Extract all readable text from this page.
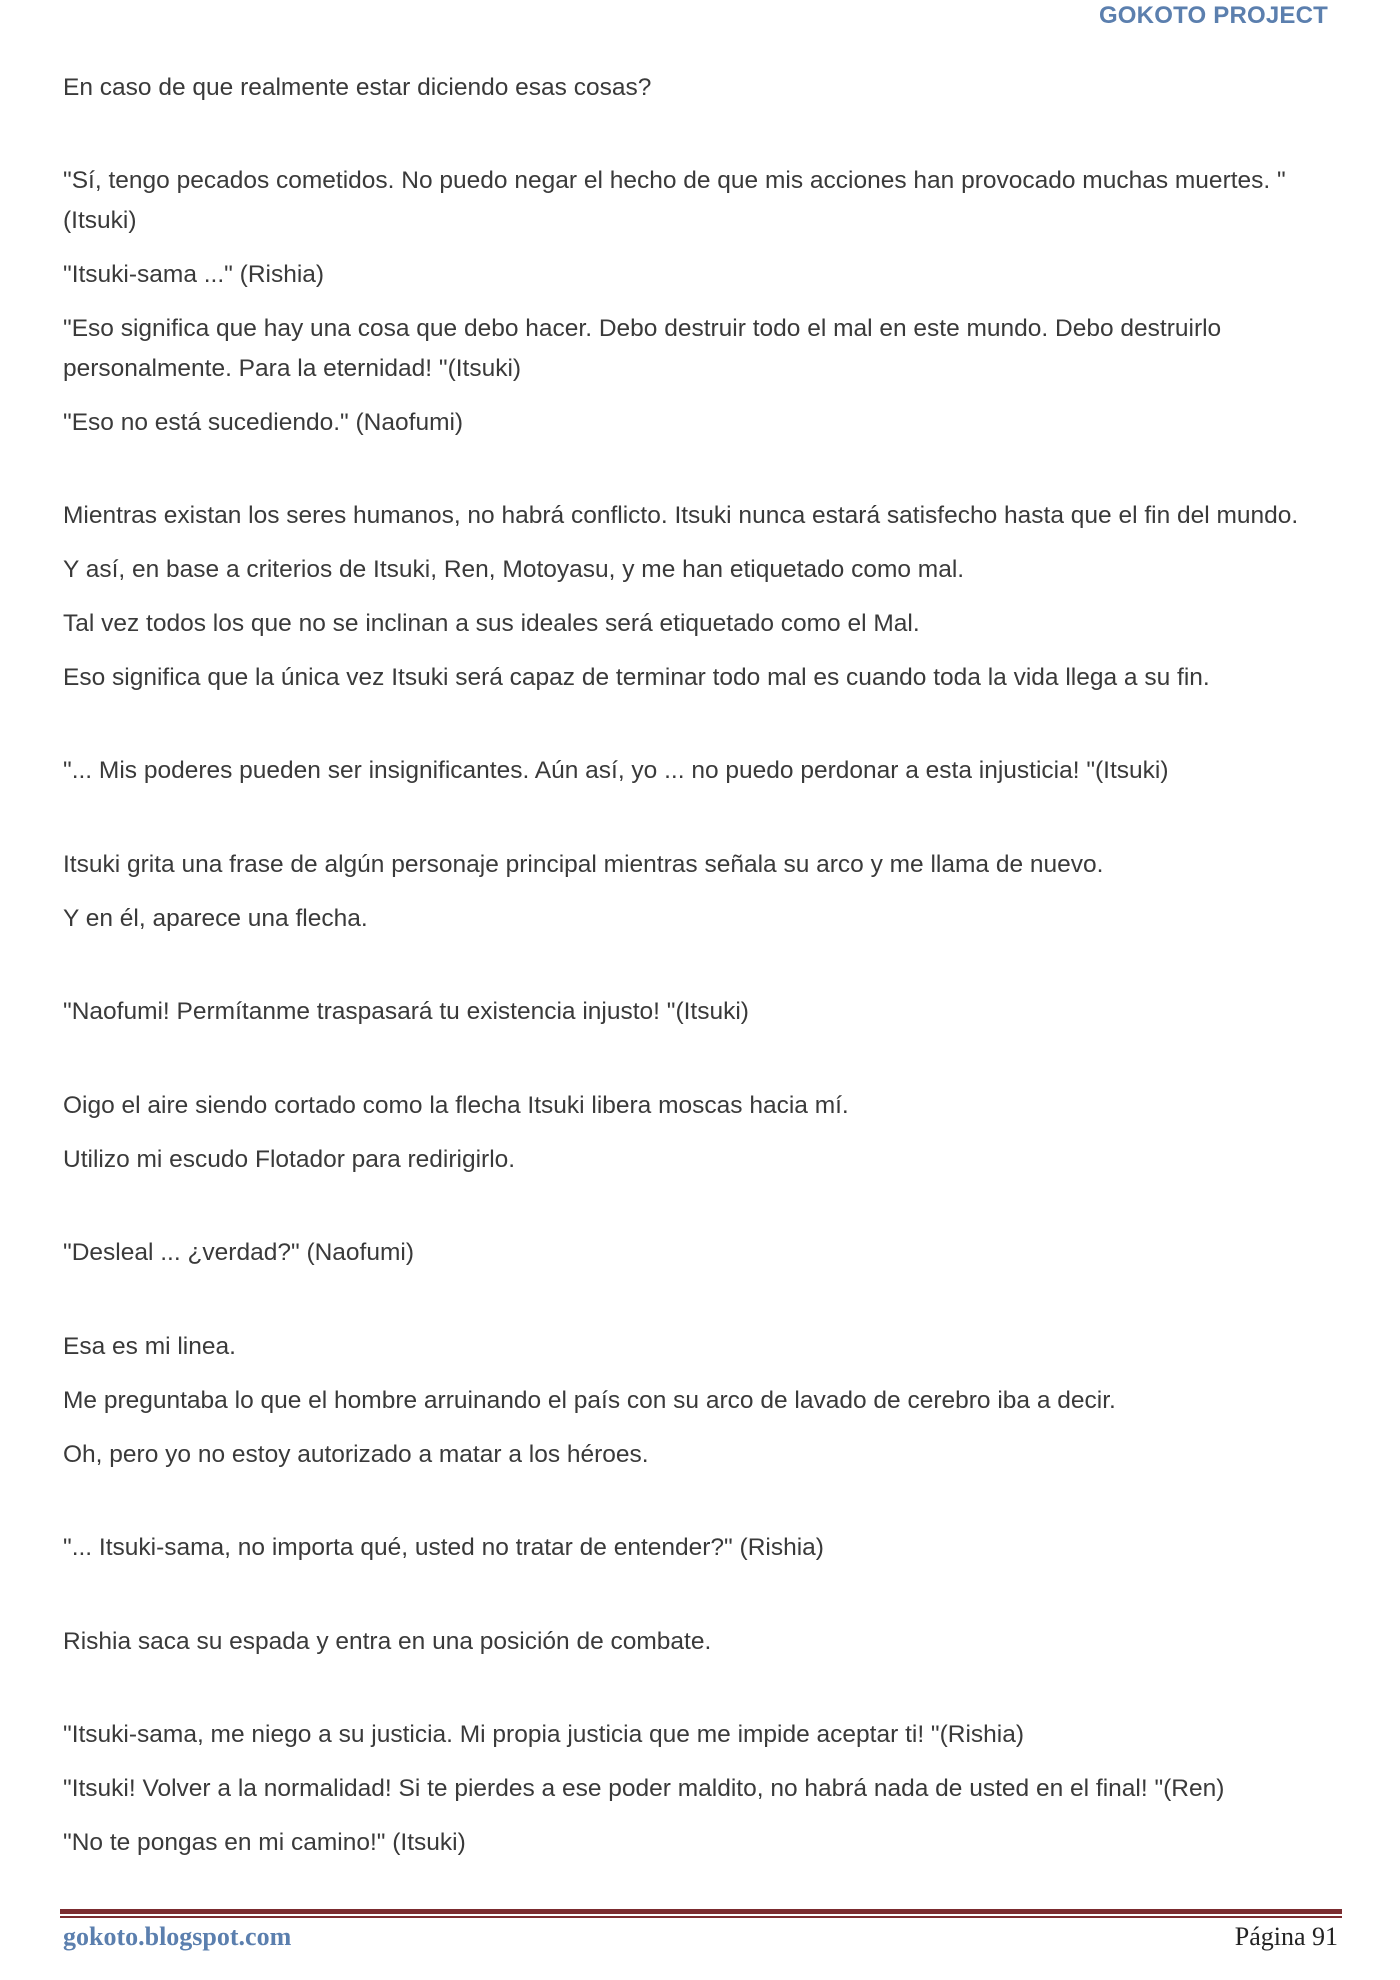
GOKOTO PROJECT

En caso de que realmente estar diciendo esas cosas?

"Sí, tengo pecados cometidos. No puedo negar el hecho de que mis acciones han provocado muchas muertes. "(Itsuki)

"Itsuki-sama ..." (Rishia)

"Eso significa que hay una cosa que debo hacer. Debo destruir todo el mal en este mundo. Debo destruirlo personalmente. Para la eternidad! "(Itsuki)

"Eso no está sucediendo." (Naofumi)

Mientras existan los seres humanos, no habrá conflicto. Itsuki nunca estará satisfecho hasta que el fin del mundo.

Y así, en base a criterios de Itsuki, Ren, Motoyasu, y me han etiquetado como mal.

Tal vez todos los que no se inclinan a sus ideales será etiquetado como el Mal.

Eso significa que la única vez Itsuki será capaz de terminar todo mal es cuando toda la vida llega a su fin.

"... Mis poderes pueden ser insignificantes. Aún así, yo ... no puedo perdonar a esta injusticia! "(Itsuki)

Itsuki grita una frase de algún personaje principal mientras señala su arco y me llama de nuevo.

Y en él, aparece una flecha.

"Naofumi! Permítanme traspasará tu existencia injusto! "(Itsuki)

Oigo el aire siendo cortado como la flecha Itsuki libera moscas hacia mí.

Utilizo mi escudo Flotador para redirigirlo.

"Desleal ... ¿verdad?" (Naofumi)

Esa es mi linea.

Me preguntaba lo que el hombre arruinando el país con su arco de lavado de cerebro iba a decir.

Oh, pero yo no estoy autorizado a matar a los héroes.

"... Itsuki-sama, no importa qué, usted no tratar de entender?" (Rishia)

Rishia saca su espada y entra en una posición de combate.

"Itsuki-sama, me niego a su justicia. Mi propia justicia que me impide aceptar ti! "(Rishia)

"Itsuki! Volver a la normalidad! Si te pierdes a ese poder maldito, no habrá nada de usted en el final! "(Ren)

"No te pongas en mi camino!" (Itsuki)

gokoto.blogspot.com	Página 91
